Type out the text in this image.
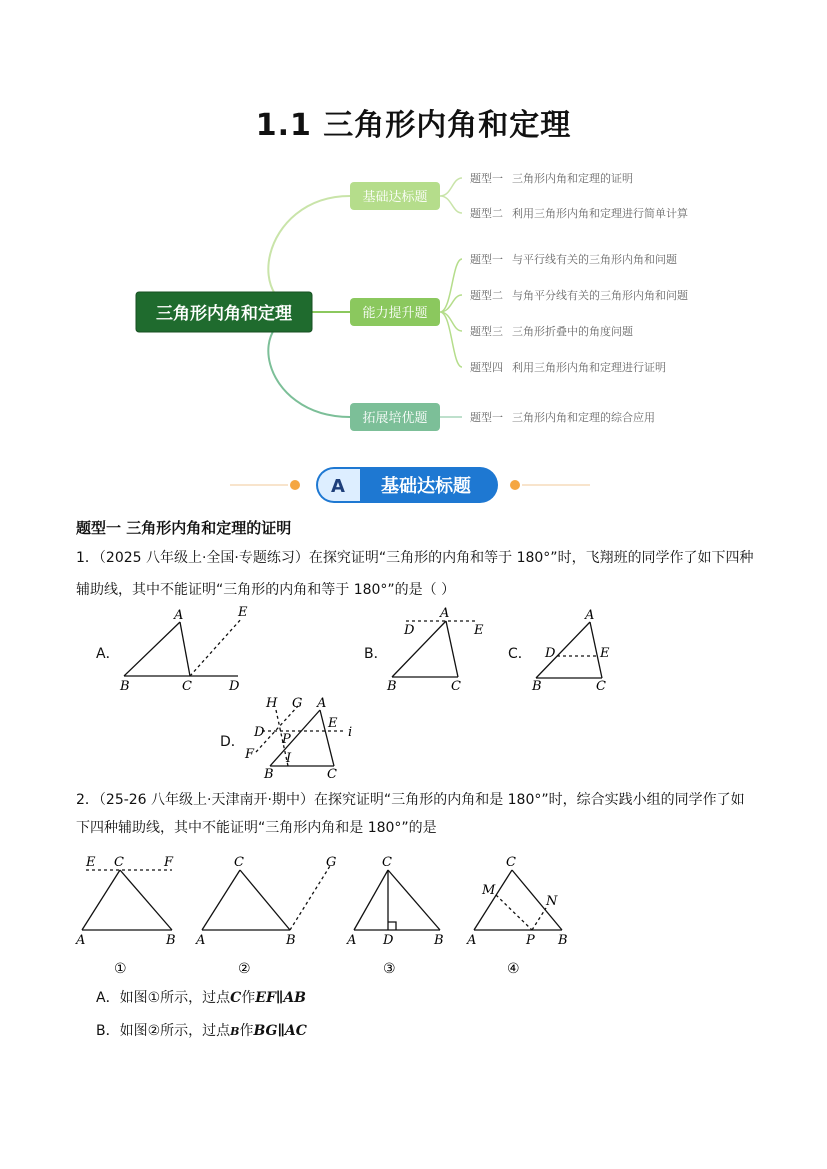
1.1 三角形内角和定理
三角形内角和定理
基础达标题
题型一 三角形内角和定理的证明
题型二 利用三角形内角和定理进行简单计算
能力提升题
题型一 与平行线有关的三角形内角和问题
题型二 与角平分线有关的三角形内角和问题
题型三 三角形折叠中的角度问题
题型四 利用三角形内角和定理进行证明
拓展培优题	题型一 三角形内角和定理的综合应用
A 基础达标题
题型一 三角形内角和定理的证明
1．（2025 八年级上·全国·专题练习）在探究证明“三角形的内角和等于 180°”时，飞翔班的同学作了如下四种
辅助线，其中不能证明“三角形的内角和等于 180°”的是（ ）
A．	B．	C．
D．
A
B	C	D
E	A
D	E
B	C
A
D	E
B	C
H G A
D
E
i
P
F I
B	C
2．（25-26 八年级上·天津南开·期中）在探究证明“三角形的内角和是 180°”时，综合实践小组的同学作了如
下四种辅助线，其中不能证明“三角形内角和是 180°”的是
E C	F
A	B
C	G
A	B
C
A D	B
C
M
N
A	P B
①	②	③	④
A．如图①所示，过点C作EF∥AB
B．如图②所示，过点B作BG∥AC
